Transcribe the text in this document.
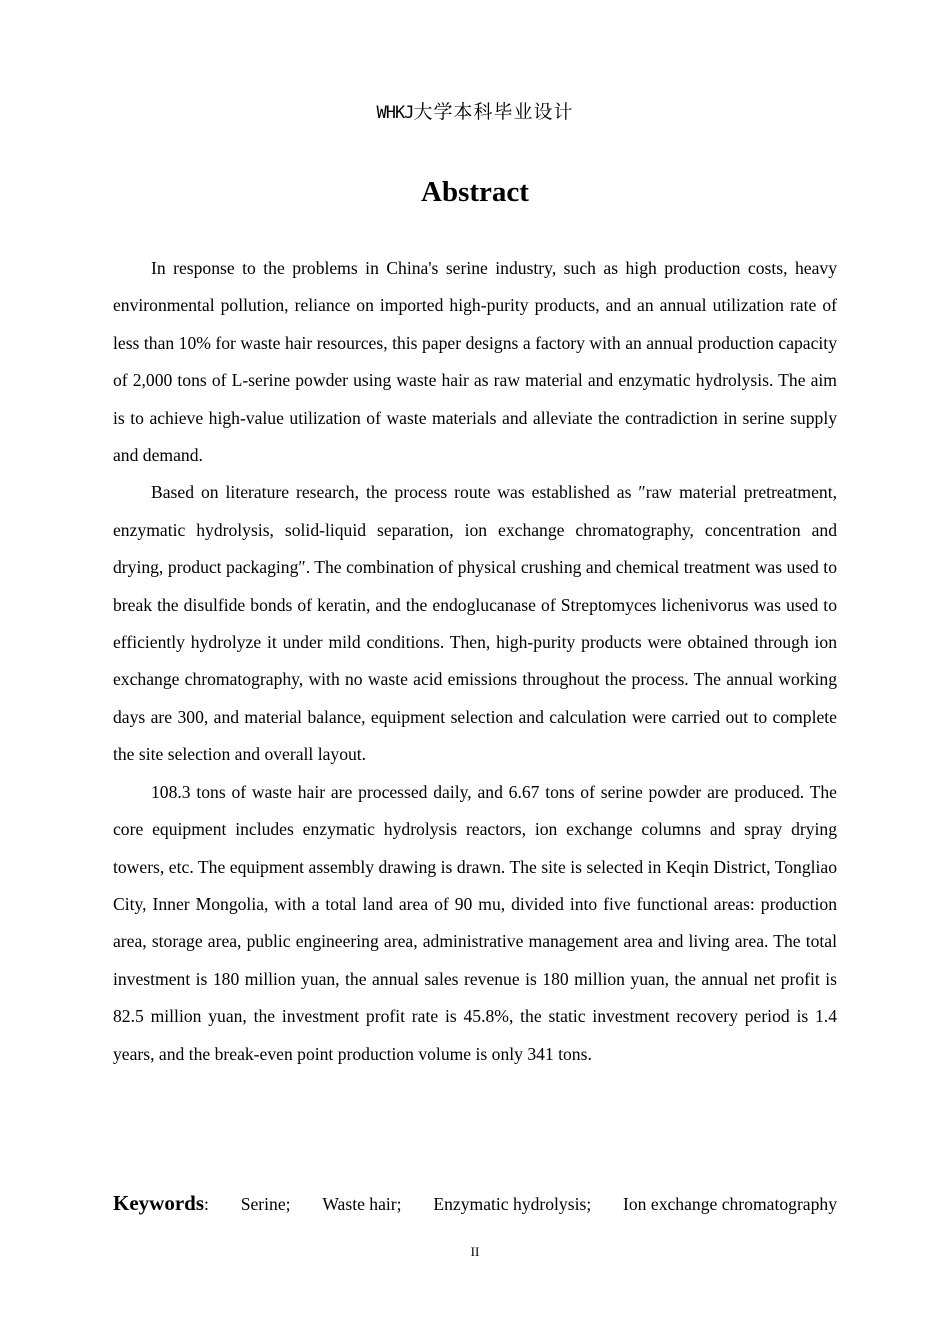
WHKJ大学本科毕业设计
Abstract

In response to the problems in China's serine industry, such as high production costs, heavy environmental pollution, reliance on imported high-purity products, and an annual utilization rate of less than 10% for waste hair resources, this paper designs a factory with an annual production capacity of 2,000 tons of L-serine powder using waste hair as raw material and enzymatic hydrolysis. The aim is to achieve high-value utilization of waste materials and alleviate the contradiction in serine supply and demand.

Based on literature research, the process route was established as ″raw material pretreatment, enzymatic hydrolysis, solid-liquid separation, ion exchange chromatography, concentration and drying, product packaging″. The combination of physical crushing and chemical treatment was used to break the disulfide bonds of keratin, and the endoglucanase of Streptomyces lichenivorus was used to efficiently hydrolyze it under mild conditions. Then, high-purity products were obtained through ion exchange chromatography, with no waste acid emissions throughout the process. The annual working days are 300, and material balance, equipment selection and calculation were carried out to complete the site selection and overall layout.

108.3 tons of waste hair are processed daily, and 6.67 tons of serine powder are produced. The core equipment includes enzymatic hydrolysis reactors, ion exchange columns and spray drying towers, etc. The equipment assembly drawing is drawn. The site is selected in Keqin District, Tongliao City, Inner Mongolia, with a total land area of 90 mu, divided into five functional areas: production area, storage area, public engineering area, administrative management area and living area. The total investment is 180 million yuan, the annual sales revenue is 180 million yuan, the annual net profit is 82.5 million yuan, the investment profit rate is 45.8%, the static investment recovery period is 1.4 years, and the break-even point production volume is only 341 tons.

Keywords: Serine; Waste hair; Enzymatic hydrolysis; Ion exchange chromatography
II
